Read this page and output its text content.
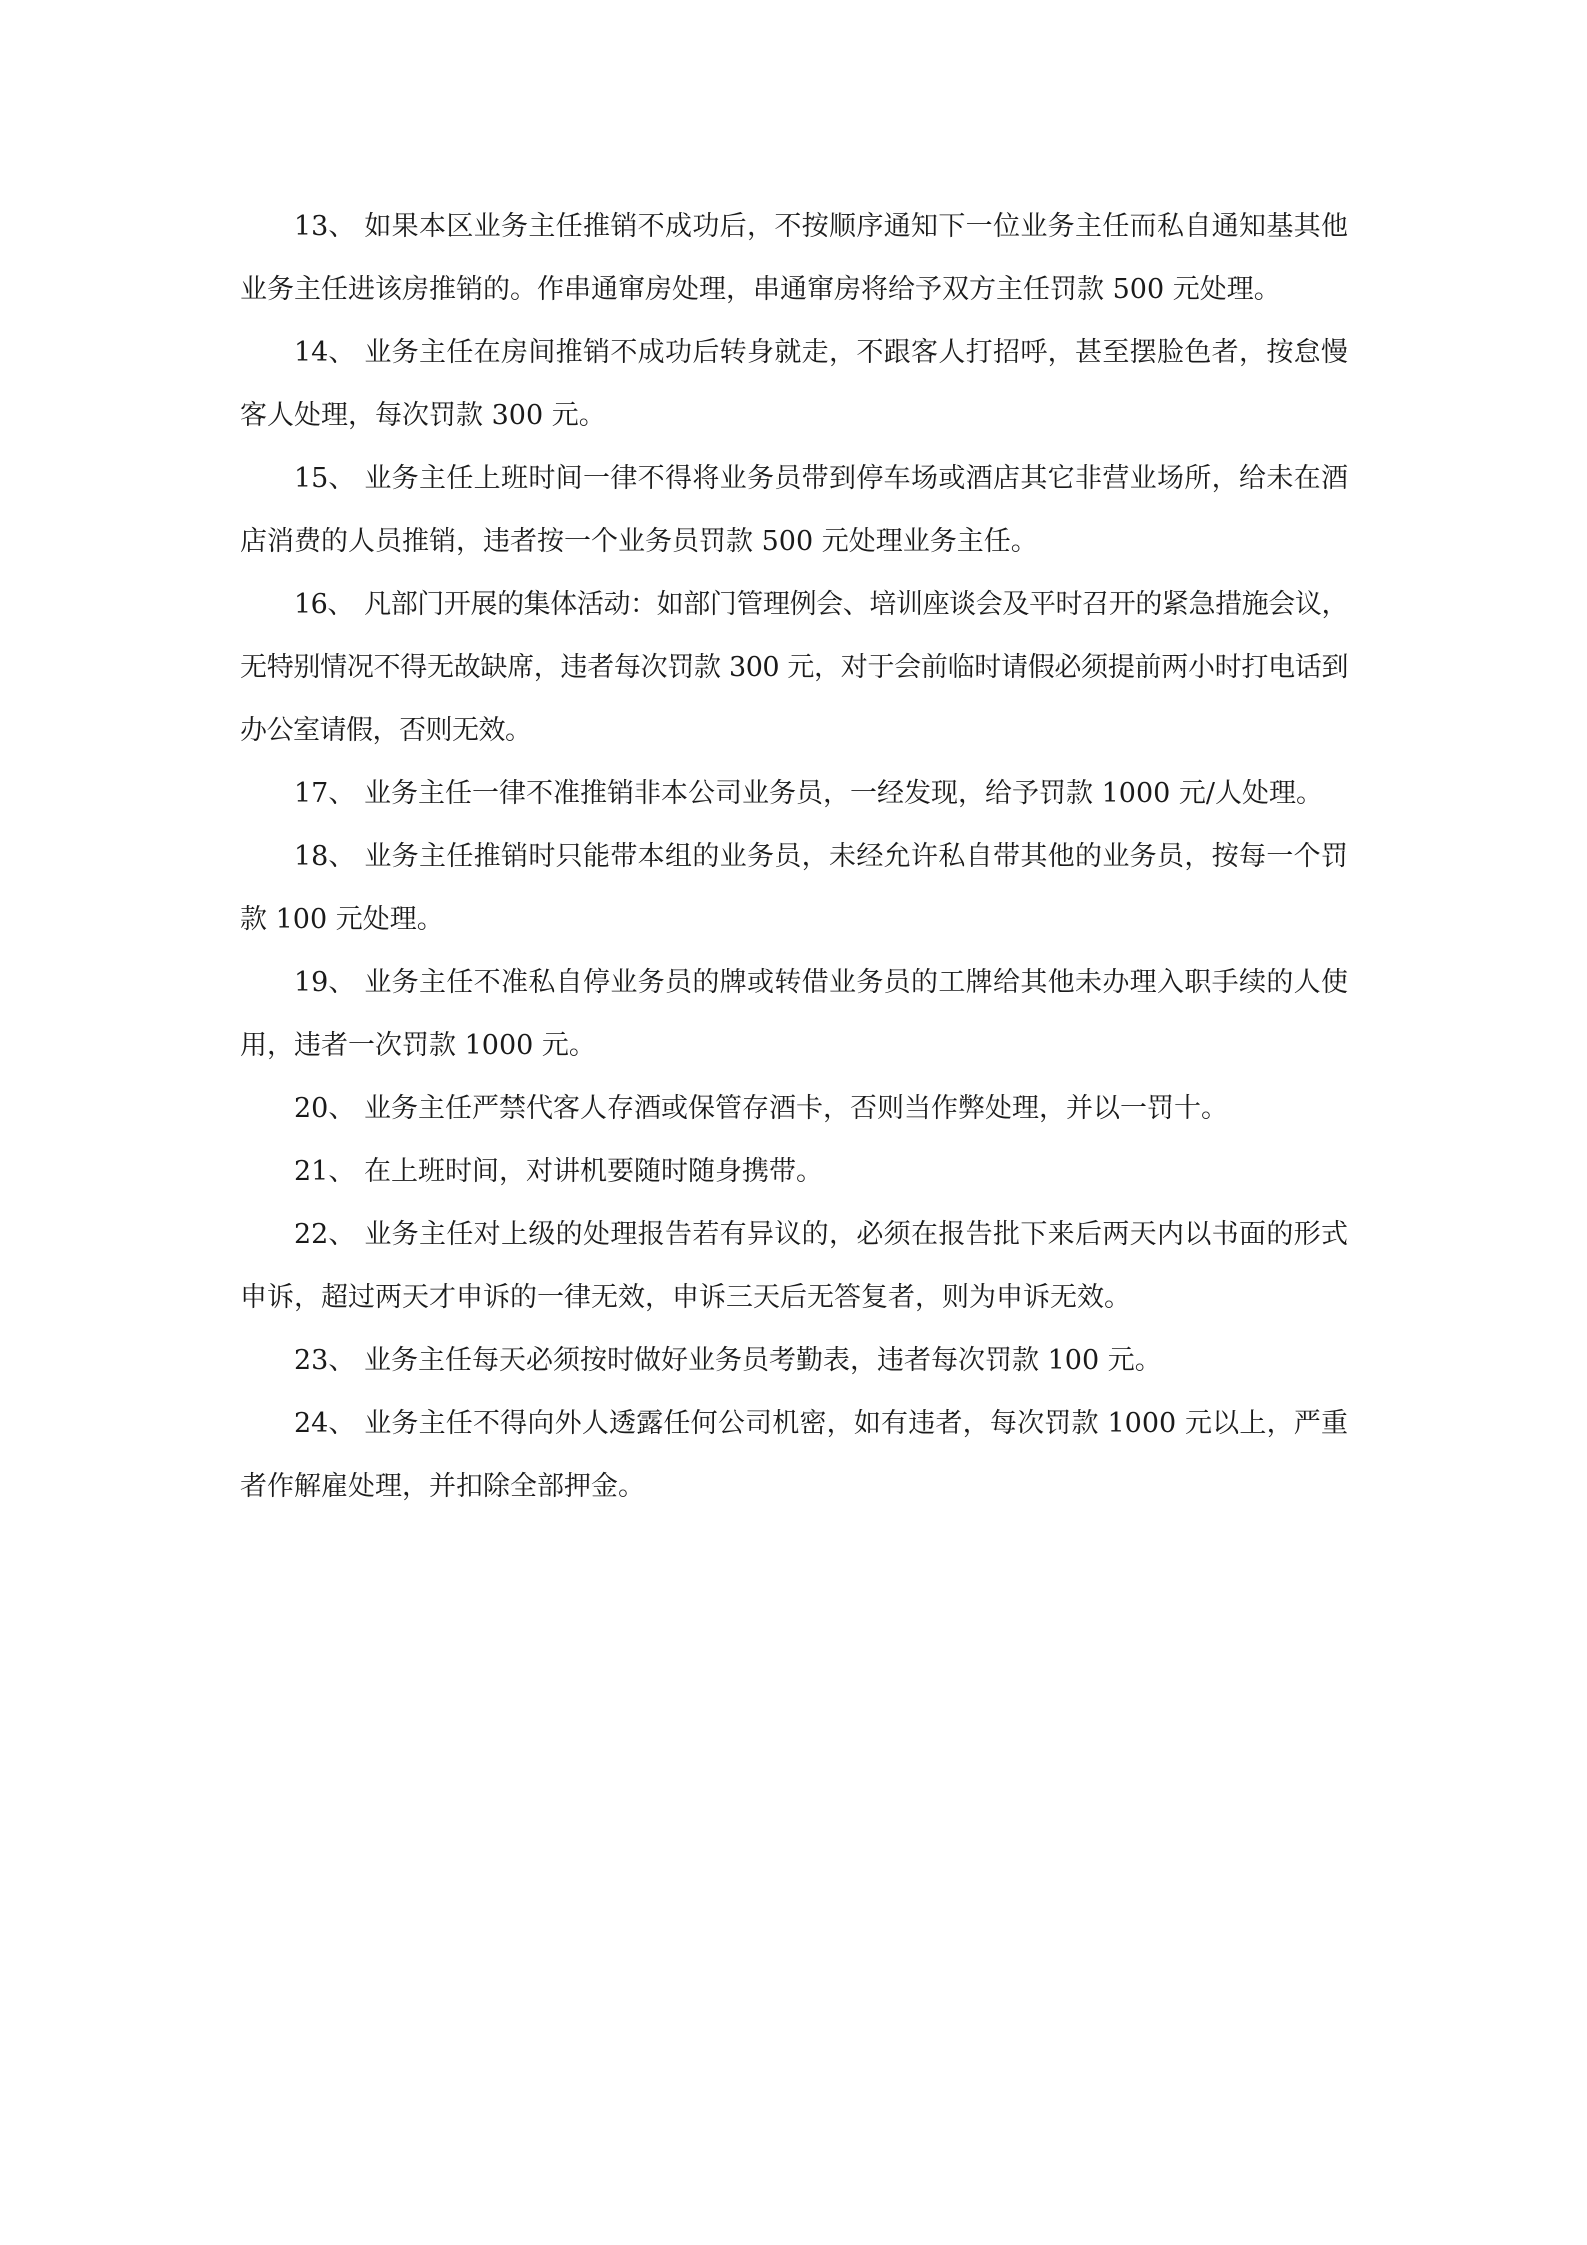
13、 如果本区业务主任推销不成功后，不按顺序通知下一位业务主任而私自通知基其他业务主任进该房推销的。作串通窜房处理，串通窜房将给予双方主任罚款 500 元处理。

14、 业务主任在房间推销不成功后转身就走，不跟客人打招呼，甚至摆脸色者，按怠慢客人处理，每次罚款 300 元。

15、 业务主任上班时间一律不得将业务员带到停车场或酒店其它非营业场所，给未在酒店消费的人员推销，违者按一个业务员罚款 500 元处理业务主任。

16、 凡部门开展的集体活动：如部门管理例会、培训座谈会及平时召开的紧急措施会议，无特别情况不得无故缺席，违者每次罚款 300 元，对于会前临时请假必须提前两小时打电话到办公室请假，否则无效。

17、 业务主任一律不准推销非本公司业务员，一经发现，给予罚款 1000 元/人处理。

18、 业务主任推销时只能带本组的业务员，未经允许私自带其他的业务员，按每一个罚款 100 元处理。

19、 业务主任不准私自停业务员的牌或转借业务员的工牌给其他未办理入职手续的人使用，违者一次罚款 1000 元。

20、 业务主任严禁代客人存酒或保管存酒卡，否则当作弊处理，并以一罚十。

21、 在上班时间，对讲机要随时随身携带。

22、 业务主任对上级的处理报告若有异议的，必须在报告批下来后两天内以书面的形式申诉，超过两天才申诉的一律无效，申诉三天后无答复者，则为申诉无效。

23、 业务主任每天必须按时做好业务员考勤表，违者每次罚款 100 元。

24、 业务主任不得向外人透露任何公司机密，如有违者，每次罚款 1000 元以上，严重者作解雇处理，并扣除全部押金。
